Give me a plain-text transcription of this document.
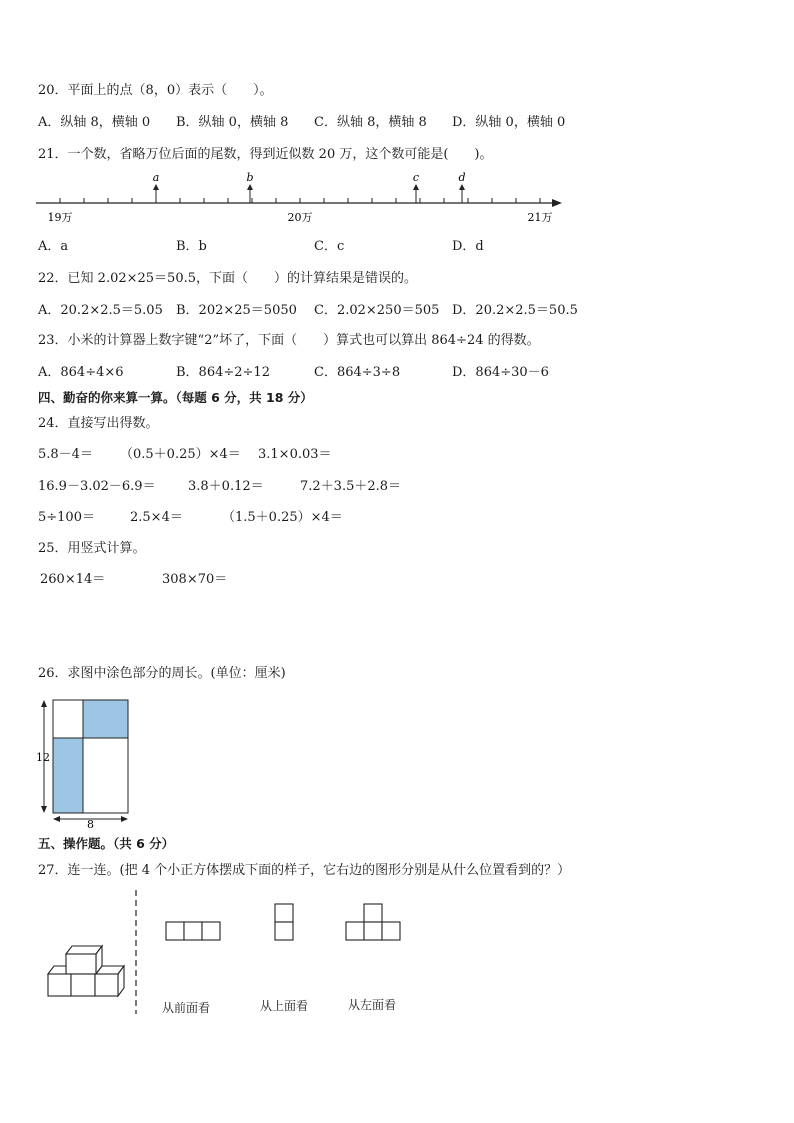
20．平面上的点（8，0）表示（　　）。
A．纵轴 8，横轴 0 B．纵轴 0，横轴 8 C．纵轴 8，横轴 8 D．纵轴 0，横轴 0
21．一个数，省略万位后面的尾数，得到近似数 20 万，这个数可能是(　　)。
a	b	c	d
19万	20万	21万
A．a	B．b	C．c	D．d
22．已知 2.02×25＝50.5，下面（　　）的计算结果是错误的。
A．20.2×2.5＝5.05 B．202×25＝5050 C．2.02×250＝505 D．20.2×2.5＝50.5
23．小米的计算器上数字键“2”坏了，下面（　　）算式也可以算出 864÷24 的得数。
A．864÷4×6	B．864÷2÷12	C．864÷3÷8	D．864÷30－6
四、勤奋的你来算一算。（每题 6 分，共 18 分）
24．直接写出得数。
5.8－4＝ （0.5＋0.25）×4＝ 3.1×0.03＝
16.9－3.02－6.9＝ 3.8＋0.12＝	7.2＋3.5＋2.8＝
5÷100＝	2.5×4＝	（1.5＋0.25）×4＝
25．用竖式计算。
260×14＝	308×70＝
26．求图中涂色部分的周长。(单位：厘米)
12
8
五、操作题。（共 6 分）
27．连一连。(把 4 个小正方体摆成下面的样子，它右边的图形分别是从什么位置看到的？）
从前面看	从上面看	从左面看
